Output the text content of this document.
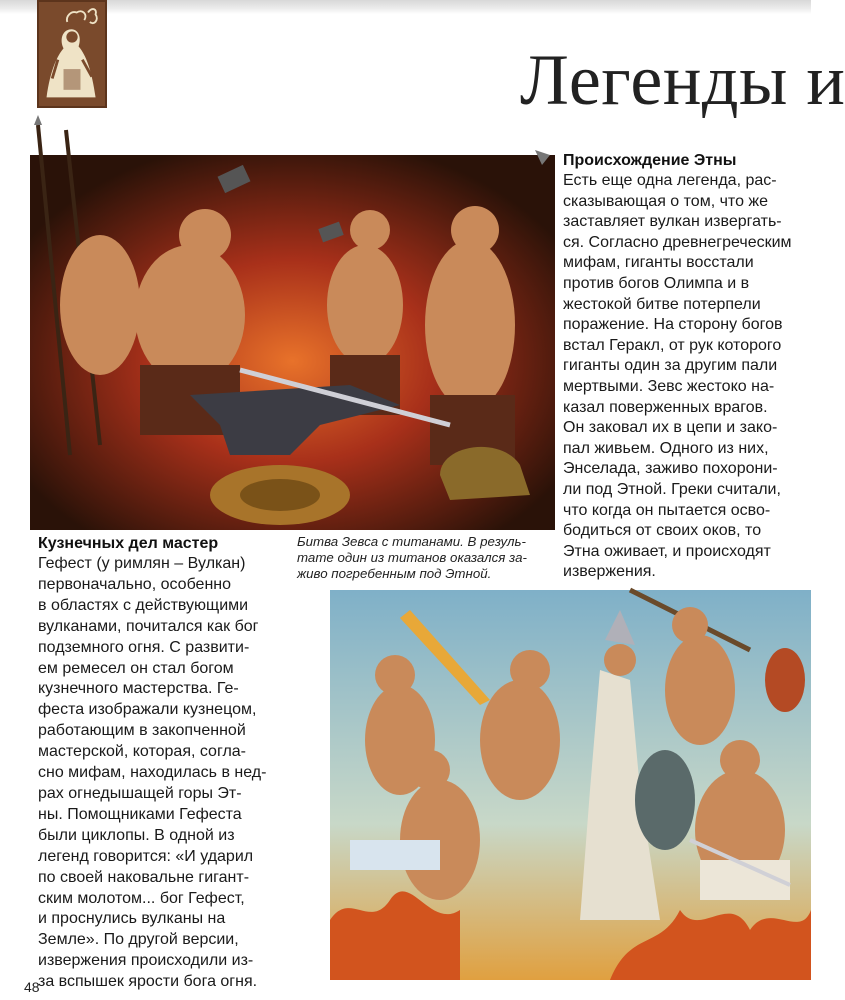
Легенды и
Происхождение Этны

Есть еще одна легенда, рас-
сказывающая о том, что же
заставляет вулкан извергать-
ся. Согласно древнегреческим
мифам, гиганты восстали
против богов Олимпа и в
жестокой битве потерпели
поражение. На сторону богов
встал Геракл, от рук которого
гиганты один за другим пали
мертвыми. Зевс жестоко на-
казал поверженных врагов.
Он заковал их в цепи и зако-
пал живьем. Одного из них,
Энселада, заживо похорони-
ли под Этной. Греки считали,
что когда он пытается осво-
бодиться от своих оков, то
Этна оживает, и происходят
извержения.

Кузнечных дел мастер

Гефест (у римлян – Вулкан)
первоначально, особенно
в областях с действующими
вулканами, почитался как бог
подземного огня. С развити-
ем ремесел он стал богом
кузнечного мастерства. Ге-
феста изображали кузнецом,
работающим в закопченной
мастерской, которая, согла-
сно мифам, находилась в нед-
рах огнедышащей горы Эт-
ны. Помощниками Гефеста
были циклопы. В одной из
легенд говорится: «И ударил
по своей наковальне гигант-
ским молотом... бог Гефест,
и проснулись вулканы на
Земле». По другой версии,
извержения происходили из-
за вспышек ярости бога огня.

Битва Зевса с титанами. В резуль-
тате один из титанов оказался за-
живо погребенным под Этной.

48
